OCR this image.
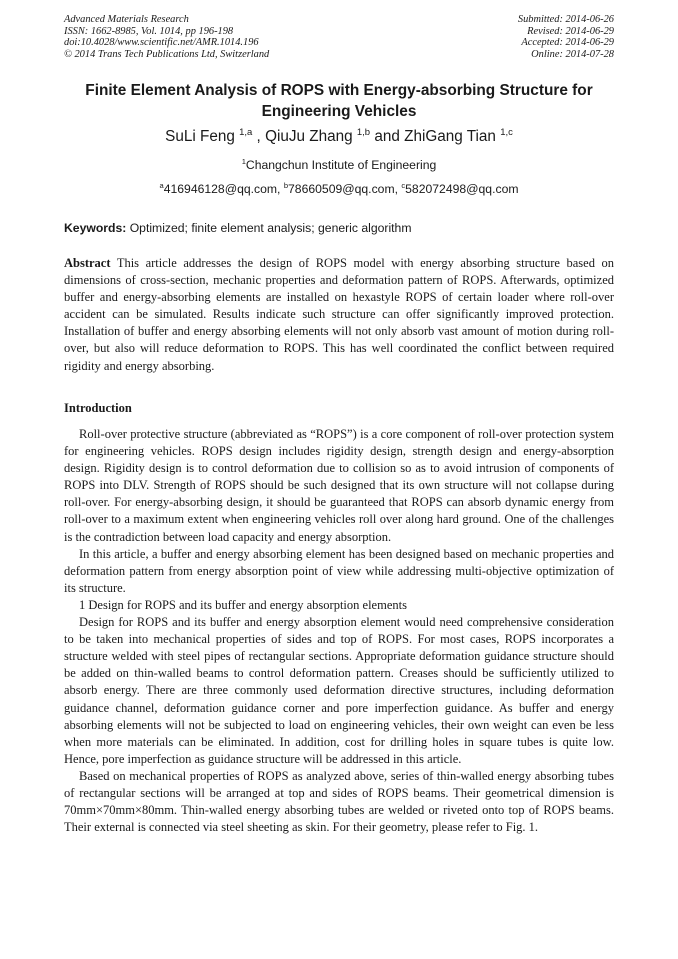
Advanced Materials Research
ISSN: 1662-8985, Vol. 1014, pp 196-198
doi:10.4028/www.scientific.net/AMR.1014.196
© 2014 Trans Tech Publications Ltd, Switzerland
Submitted: 2014-06-26
Revised: 2014-06-29
Accepted: 2014-06-29
Online: 2014-07-28
Finite Element Analysis of ROPS with Energy-absorbing Structure for Engineering Vehicles
SuLi Feng $^{1,a}$ , QiuJu Zhang $^{1,b}$ and ZhiGang Tian $^{1,c}$
$^1$Changchun Institute of Engineering
$^a$416946128@qq.com, $^b$78660509@qq.com, $^c$582072498@qq.com
Keywords: Optimized; finite element analysis; generic algorithm

Abstract This article addresses the design of ROPS model with energy absorbing structure based on dimensions of cross-section, mechanic properties and deformation pattern of ROPS. Afterwards, optimized buffer and energy-absorbing elements are installed on hexastyle ROPS of certain loader where roll-over accident can be simulated. Results indicate such structure can offer significantly improved protection. Installation of buffer and energy absorbing elements will not only absorb vast amount of motion during roll-over, but also will reduce deformation to ROPS. This has well coordinated the conflict between required rigidity and energy absorbing.

Introduction

Roll-over protective structure (abbreviated as “ROPS”) is a core component of roll-over protection system for engineering vehicles. ROPS design includes rigidity design, strength design and energy-absorption design. Rigidity design is to control deformation due to collision so as to avoid intrusion of components of ROPS into DLV. Strength of ROPS should be such designed that its own structure will not collapse during roll-over. For energy-absorbing design, it should be guaranteed that ROPS can absorb dynamic energy from roll-over to a maximum extent when engineering vehicles roll over along hard ground. One of the challenges is the contradiction between load capacity and energy absorption.

In this article, a buffer and energy absorbing element has been designed based on mechanic properties and deformation pattern from energy absorption point of view while addressing multi-objective optimization of its structure.

1 Design for ROPS and its buffer and energy absorption elements

Design for ROPS and its buffer and energy absorption element would need comprehensive consideration to be taken into mechanical properties of sides and top of ROPS. For most cases, ROPS incorporates a structure welded with steel pipes of rectangular sections. Appropriate deformation guidance structure should be added on thin-walled beams to control deformation pattern. Creases should be sufficiently utilized to absorb energy. There are three commonly used deformation directive structures, including deformation guidance channel, deformation guidance corner and pore imperfection guidance. As buffer and energy absorbing elements will not be subjected to load on engineering vehicles, their own weight can even be less when more materials can be eliminated. In addition, cost for drilling holes in square tubes is quite low. Hence, pore imperfection as guidance structure will be addressed in this article.

Based on mechanical properties of ROPS as analyzed above, series of thin-walled energy absorbing tubes of rectangular sections will be arranged at top and sides of ROPS beams. Their geometrical dimension is 70mm×70mm×80mm. Thin-walled energy absorbing tubes are welded or riveted onto top of ROPS beams. Their external is connected via steel sheeting as skin. For their geometry, please refer to Fig. 1.
